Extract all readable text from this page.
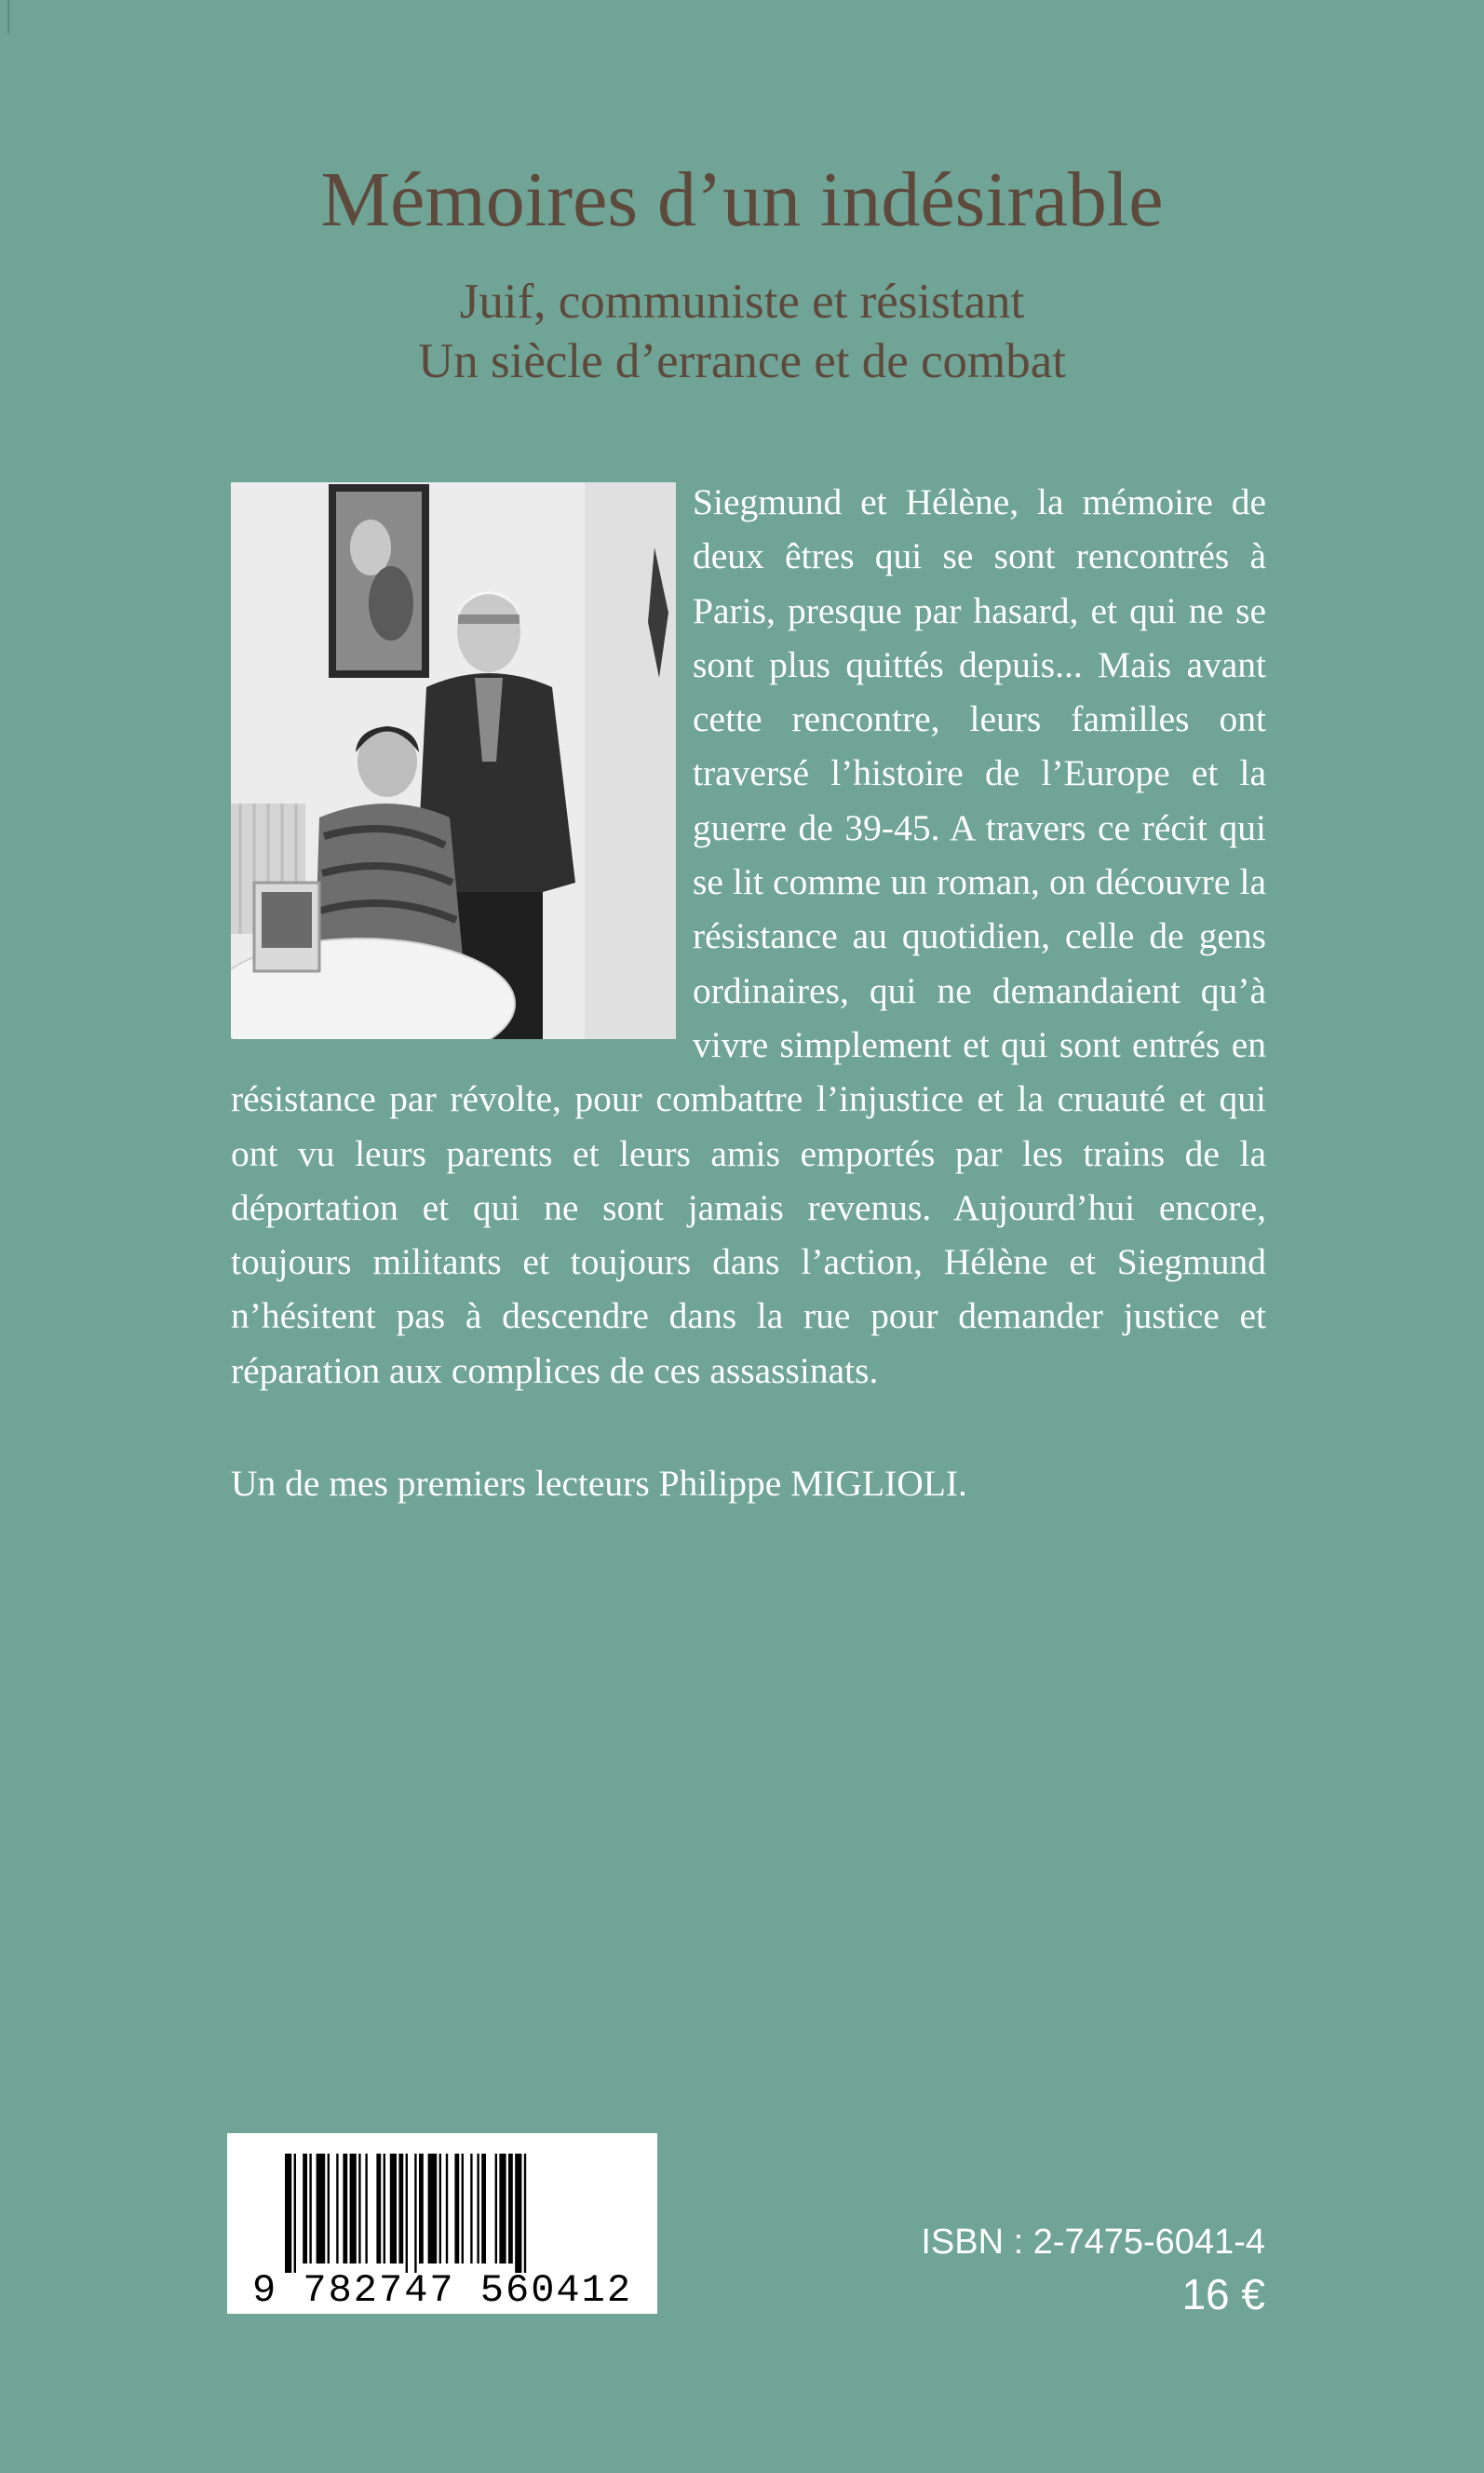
Mémoires d’un indésirable

Juif, communiste et résistant

Un siècle d’errance et de combat

Siegmund et Hélène, la mémoire de deux êtres qui se sont rencontrés à Paris, presque par hasard, et qui ne se sont plus quittés depuis... Mais avant cette rencontre, leurs familles ont traversé l’histoire de l’Europe et la guerre de 39-45. A travers ce récit qui se lit comme un roman, on découvre la résistance au quotidien, celle de gens ordinaires, qui ne demandaient qu’à vivre simplement et qui sont entrés en résistance par révolte, pour combattre l’injustice et la cruauté et qui ont vu leurs parents et leurs amis emportés par les trains de la déportation et qui ne sont jamais revenus. Aujourd’hui encore, toujours militants et toujours dans l’action, Hélène et Siegmund n’hésitent pas à descendre dans la rue pour demander justice et réparation aux complices de ces assassinats.

Un de mes premiers lecteurs Philippe MIGLIOLI.

9 782747 560412

ISBN : 2-7475-6041-4

16 €
